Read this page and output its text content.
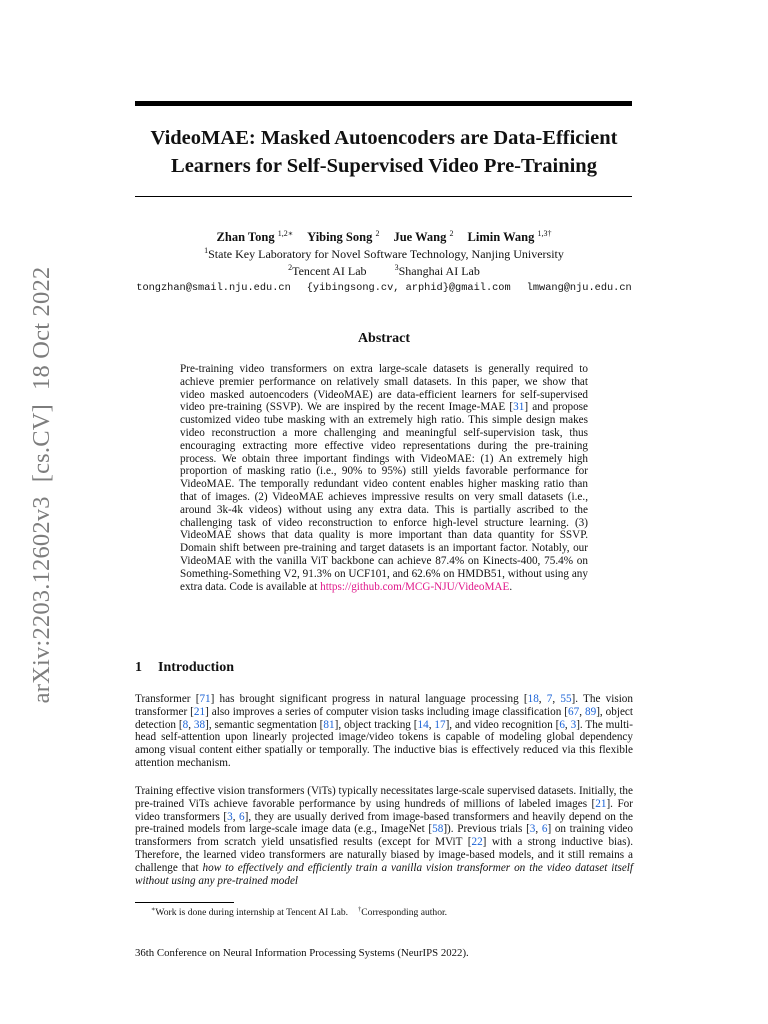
arXiv:2203.12602v3[cs.CV]18 Oct 2022
VideoMAE: Masked Autoencoders are Data-Efficient
Learners for Self-Supervised Video Pre-Training
Zhan Tong $^{1,2∗}$ Yibing Song $^2$ Jue Wang $^2$ Limin Wang $^{1,3\dagger}$
$^1$State Key Laboratory for Novel Software Technology, Nanjing University
$^2$Tencent AI Lab	$^3$Shanghai AI Lab
tongzhan@smail.nju.edu.cn {yibingsong.cv, arphid}@gmail.com lmwang@nju.edu.cn
Abstract
Pre-training video transformers on extra large-scale datasets is generally required to achieve premier performance on relatively small datasets. In this paper, we show that video masked autoencoders (VideoMAE) are data-efficient learners for self-supervised video pre-training (SSVP). We are inspired by the recent Image-MAE [31] and propose customized video tube masking with an extremely high ratio. This simple design makes video reconstruction a more challenging and meaningful self-supervision task, thus encouraging extracting more effective video representations during the pre-training process. We obtain three important findings with VideoMAE: (1) An extremely high proportion of masking ratio (i.e., 90% to 95%) still yields favorable performance for VideoMAE. The temporally redundant video content enables higher masking ratio than that of images. (2) VideoMAE achieves impressive results on very small datasets (i.e., around 3k-4k videos) without using any extra data. This is partially ascribed to the challenging task of video reconstruction to enforce high-level structure learning. (3) VideoMAE shows that data quality is more important than data quantity for SSVP. Domain shift between pre-training and target datasets is an important factor. Notably, our VideoMAE with the vanilla ViT backbone can achieve 87.4% on Kinects-400, 75.4% on Something-Something V2, 91.3% on UCF101, and 62.6% on HMDB51, without using any extra data. Code is available at https://github.com/MCG-NJU/VideoMAE.
1 Introduction
Transformer [71] has brought significant progress in natural language processing [18, 7, 55]. The vision transformer [21] also improves a series of computer vision tasks including image classification [67, 89], object detection [8, 38], semantic segmentation [81], object tracking [14, 17], and video recognition [6, 3]. The multi-head self-attention upon linearly projected image/video tokens is capable of modeling global dependency among visual content either spatially or temporally. The inductive bias is effectively reduced via this flexible attention mechanism.
Training effective vision transformers (ViTs) typically necessitates large-scale supervised datasets. Initially, the pre-trained ViTs achieve favorable performance by using hundreds of millions of labeled images [21]. For video transformers [3, 6], they are usually derived from image-based transformers and heavily depend on the pre-trained models from large-scale image data (e.g., ImageNet [58]). Previous trials [3, 6] on training video transformers from scratch yield unsatisfied results (except for MViT [22] with a strong inductive bias). Therefore, the learned video transformers are naturally biased by image-based models, and it still remains a challenge that how to effectively and efficiently train a vanilla vision transformer on the video dataset itself without using any pre-trained model
∗Work is done during internship at Tencent AI Lab. †Corresponding author.
36th Conference on Neural Information Processing Systems (NeurIPS 2022).
